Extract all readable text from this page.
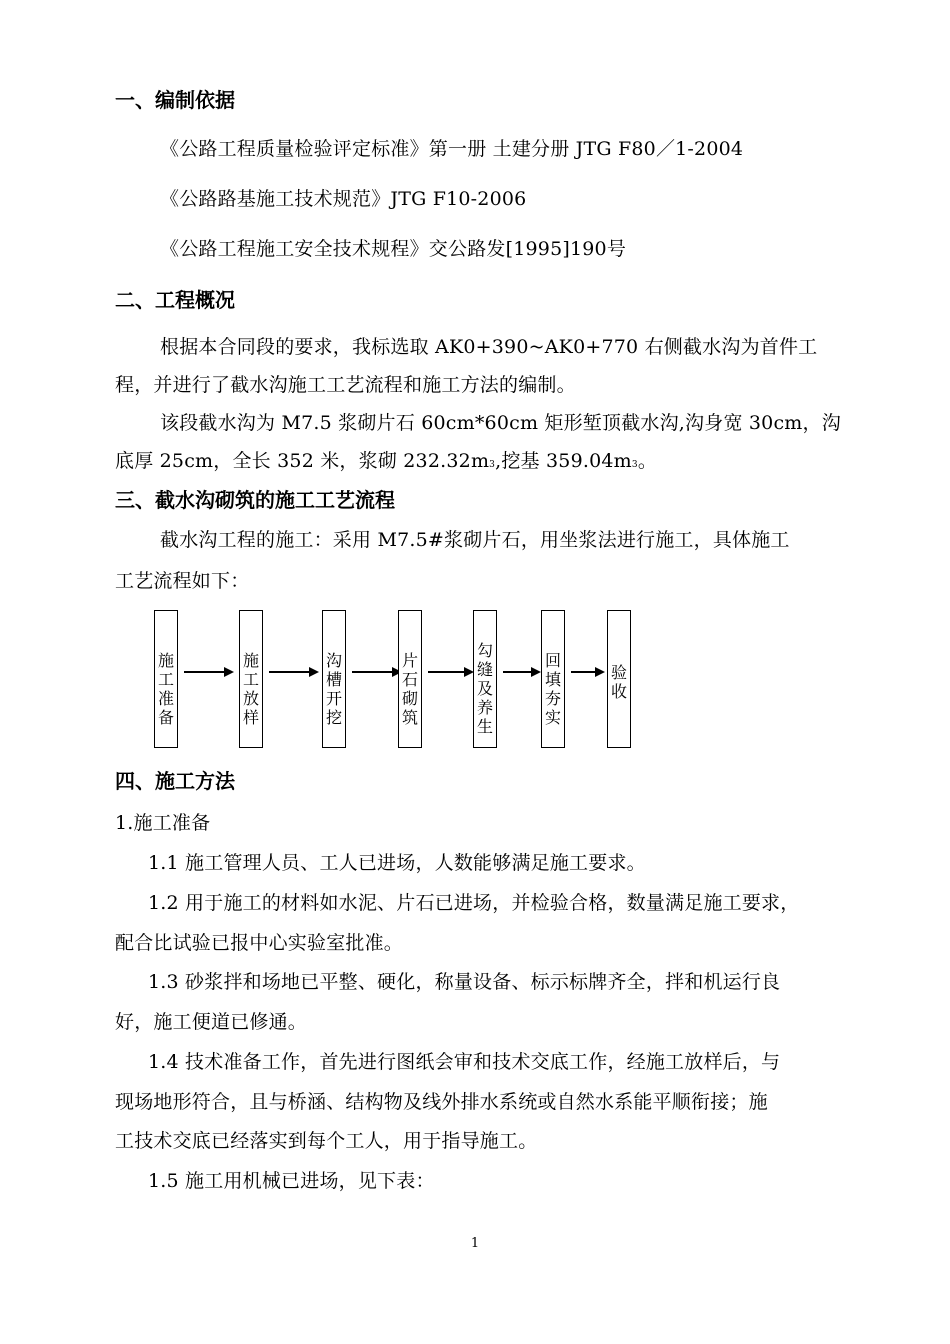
一、编制依据
《公路工程质量检验评定标准》第一册 土建分册 JTG F80／1-2004
《公路路基施工技术规范》JTG F10-2006
《公路工程施工安全技术规程》交公路发[1995]190号
二、工程概况
根据本合同段的要求，我标选取 AK0+390~AK0+770 右侧截水沟为首件工
程，并进行了截水沟施工工艺流程和施工方法的编制。
该段截水沟为 M7.5 浆砌片石 60cm*60cm 矩形堑顶截水沟,沟身宽 30cm，沟
底厚 25cm，全长 352 米，浆砌 232.32m3,挖基 359.04m3。
三、截水沟砌筑的施工工艺流程
截水沟工程的施工：采用 M7.5#浆砌片石，用坐浆法进行施工，具体施工
工艺流程如下：
施工准备
施工放样
沟槽开挖
片石砌筑
勾缝及养生
回填夯实
验收
四、施工方法
1.施工准备
1.1 施工管理人员、工人已进场，人数能够满足施工要求。
1.2 用于施工的材料如水泥、片石已进场，并检验合格，数量满足施工要求，
配合比试验已报中心实验室批准。
1.3 砂浆拌和场地已平整、硬化，称量设备、标示标牌齐全，拌和机运行良
好，施工便道已修通。
1.4 技术准备工作，首先进行图纸会审和技术交底工作，经施工放样后，与
现场地形符合，且与桥涵、结构物及线外排水系统或自然水系能平顺衔接；施
工技术交底已经落实到每个工人，用于指导施工。
1.5 施工用机械已进场，见下表：
1
